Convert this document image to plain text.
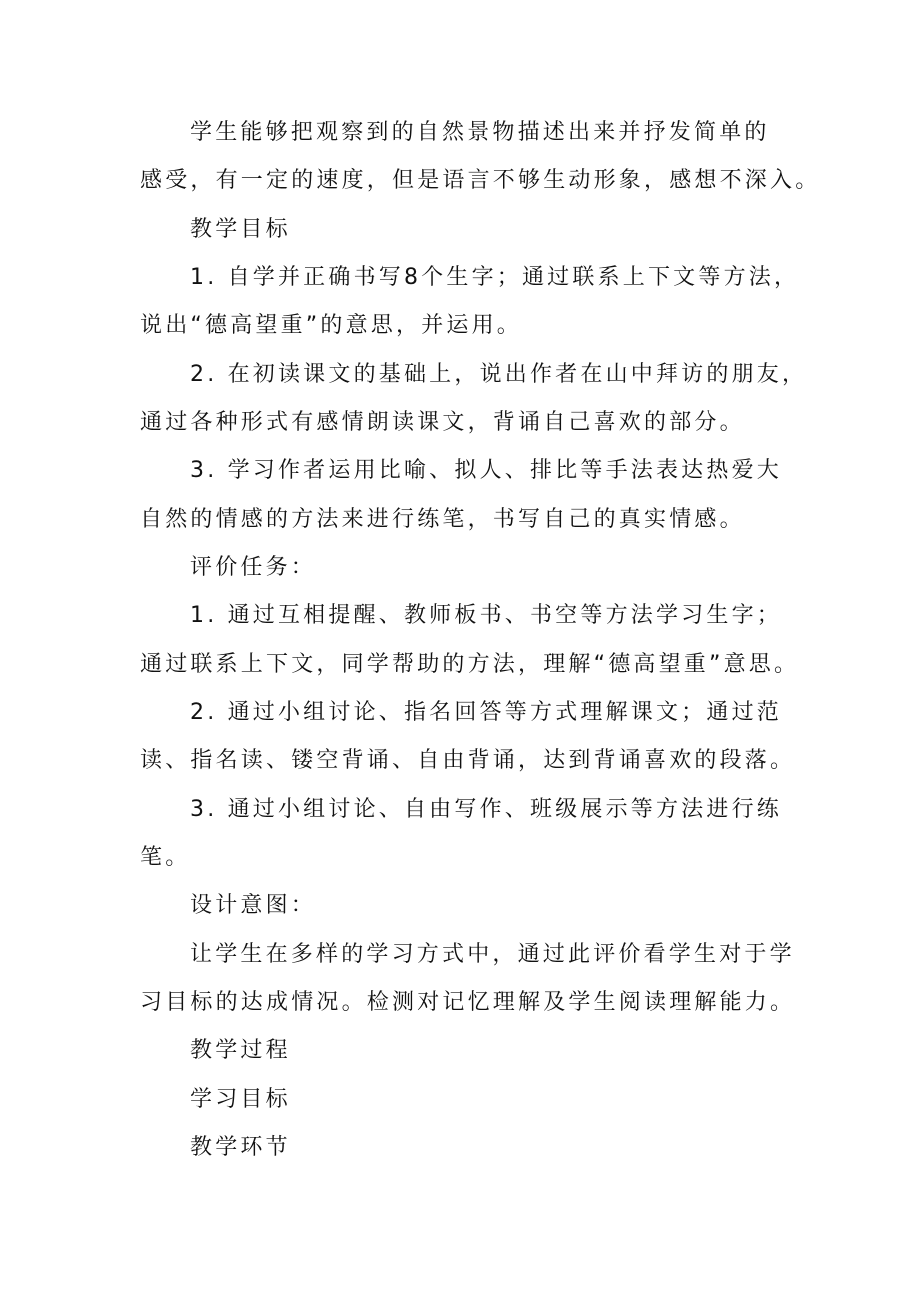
学生能够把观察到的自然景物描述出来并抒发简单的
感受，有一定的速度，但是语言不够生动形象，感想不深入。
教学目标
1. 自学并正确书写8个生字；通过联系上下文等方法，
说出“德高望重”的意思，并运用。
2. 在初读课文的基础上，说出作者在山中拜访的朋友，
通过各种形式有感情朗读课文，背诵自己喜欢的部分。
3. 学习作者运用比喻、拟人、排比等手法表达热爱大
自然的情感的方法来进行练笔，书写自己的真实情感。
评价任务：
1. 通过互相提醒、教师板书、书空等方法学习生字；
通过联系上下文，同学帮助的方法，理解“德高望重”意思。
2. 通过小组讨论、指名回答等方式理解课文；通过范
读、指名读、镂空背诵、自由背诵，达到背诵喜欢的段落。
3. 通过小组讨论、自由写作、班级展示等方法进行练
笔。
设计意图：
让学生在多样的学习方式中，通过此评价看学生对于学
习目标的达成情况。检测对记忆理解及学生阅读理解能力。
教学过程
学习目标
教学环节
